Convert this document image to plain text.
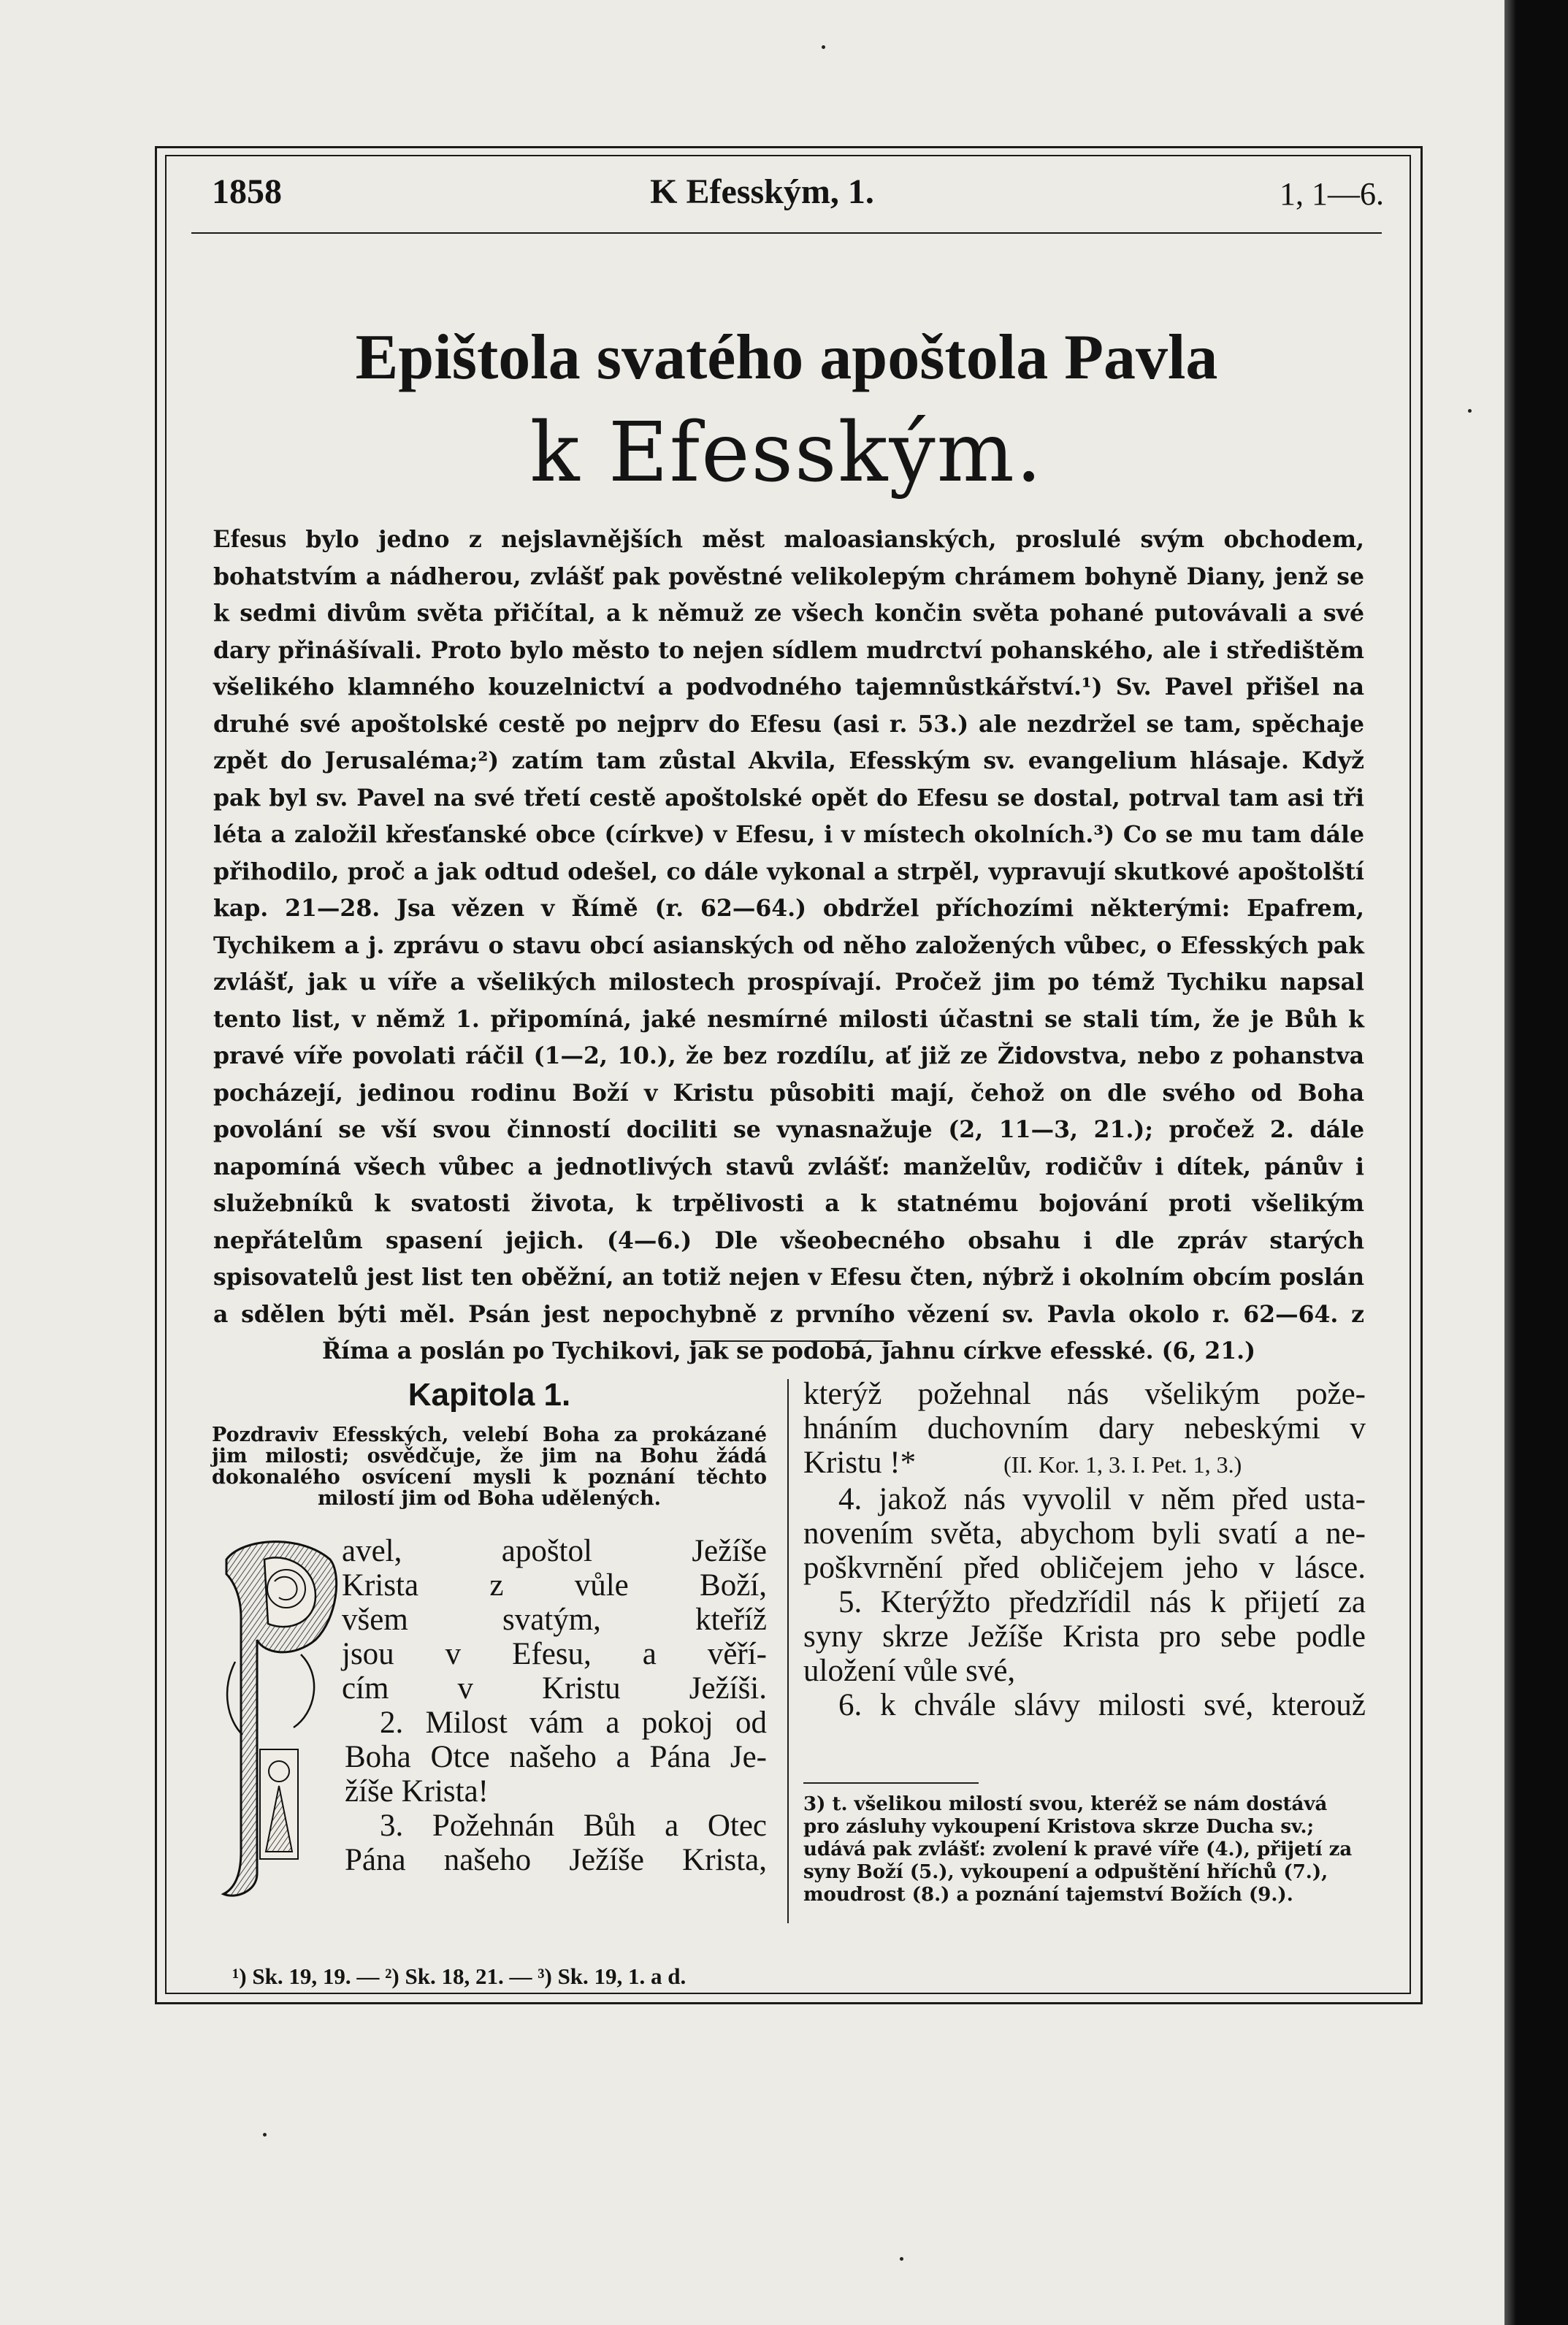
1858	K Efesským, 1.	1, 1—6.
Epištola svatého apoštola Pavla
k Efesským.
Efesus bylo jedno z nejslavnějších měst maloasianských, proslulé svým obchodem, bohatstvím a nádherou, zvlášť pak pověstné velikolepým chrámem bohyně Diany, jenž se k sedmi divům světa přičítal, a k němuž ze všech končin světa pohané putovávali a své dary přinášívali. Proto bylo město to nejen sídlem mudrctví pohanského, ale i středištěm všelikého klamného kouzelnictví a podvodného tajemnůstkářství.¹) Sv. Pavel přišel na druhé své apoštolské cestě po nejprv do Efesu (asi r. 53.) ale nezdržel se tam, spěchaje zpět do Jerusaléma;²) zatím tam zůstal Akvila, Efesským sv. evangelium hlásaje. Když pak byl sv. Pavel na své třetí cestě apoštolské opět do Efesu se dostal, potrval tam asi tři léta a založil křesťanské obce (církve) v Efesu, i v místech okolních.³) Co se mu tam dále přihodilo, proč a jak odtud odešel, co dále vykonal a strpěl, vypravují skutkové apoštolští kap. 21—28. Jsa vězen v Římě (r. 62—64.) obdržel příchozími některými: Epafrem, Tychikem a j. zprávu o stavu obcí asianských od něho založených vůbec, o Efesských pak zvlášť, jak u víře a všelikých milostech prospívají. Pročež jim po témž Tychiku napsal tento list, v němž 1. připomíná, jaké nesmírné milosti účastni se stali tím, že je Bůh k pravé víře povolati ráčil (1—2, 10.), že bez rozdílu, ať již ze Židovstva, nebo z pohanstva pocházejí, jedinou rodinu Boží v Kristu působiti mají, čehož on dle svého od Boha povolání se vší svou činností dociliti se vynasnažuje (2, 11—3, 21.); pročež 2. dále napomíná všech vůbec a jednotlivých stavů zvlášť: manželův, rodičův i dítek, pánův i služebníků k svatosti života, k trpělivosti a k statnému bojování proti všelikým nepřátelům spasení jejich. (4—6.) Dle všeobecného obsahu i dle zpráv starých spisovatelů jest list ten oběžní, an totiž nejen v Efesu čten, nýbrž i okolním obcím poslán a sdělen býti měl. Psán jest nepochybně z prvního vězení sv. Pavla okolo r. 62—64. z Říma a poslán po Tychikovi, jak se podobá, jahnu církve efesské. (6, 21.)
Kapitola 1.
Pozdraviv Efesských, velebí Boha za prokázané jim milosti; osvědčuje, že jim na Bohu žádá dokonalého osvícení mysli k poznání těchto milostí jim od Boha udělených.
avel, apoštol Ježíše
Krista z vůle Boží,
všem svatým, kteříž
jsou v Efesu, a věří-
cím v Kristu Ježíši.
2. Milost vám a pokoj od
Boha Otce našeho a Pána Je-
žíše Krista!
3. Požehnán Bůh a Otec
Pána našeho Ježíše Krista,
kterýž požehnal nás všelikým pože-
hnáním duchovním dary nebeskými v
Kristu !*	(II. Kor. 1, 3. I. Pet. 1, 3.)
4. jakož nás vyvolil v něm před usta-
novením světa, abychom byli svatí a ne-
poškvrnění před obličejem jeho v lásce.
5. Kterýžto předzřídil nás k přijetí za
syny skrze Ježíše Krista pro sebe podle
uložení vůle své,
6. k chvále slávy milosti své, kterouž
3) t. všelikou milostí svou, kteréž se nám dostává pro zásluhy vykoupení Kristova skrze Ducha sv.; udává pak zvlášť: zvolení k pravé víře (4.), přijetí za syny Boží (5.), vykoupení a odpuštění hříchů (7.), moudrost (8.) a poznání tajemství Božích (9.).
¹) Sk. 19, 19. — ²) Sk. 18, 21. — ³) Sk. 19, 1. a d.
